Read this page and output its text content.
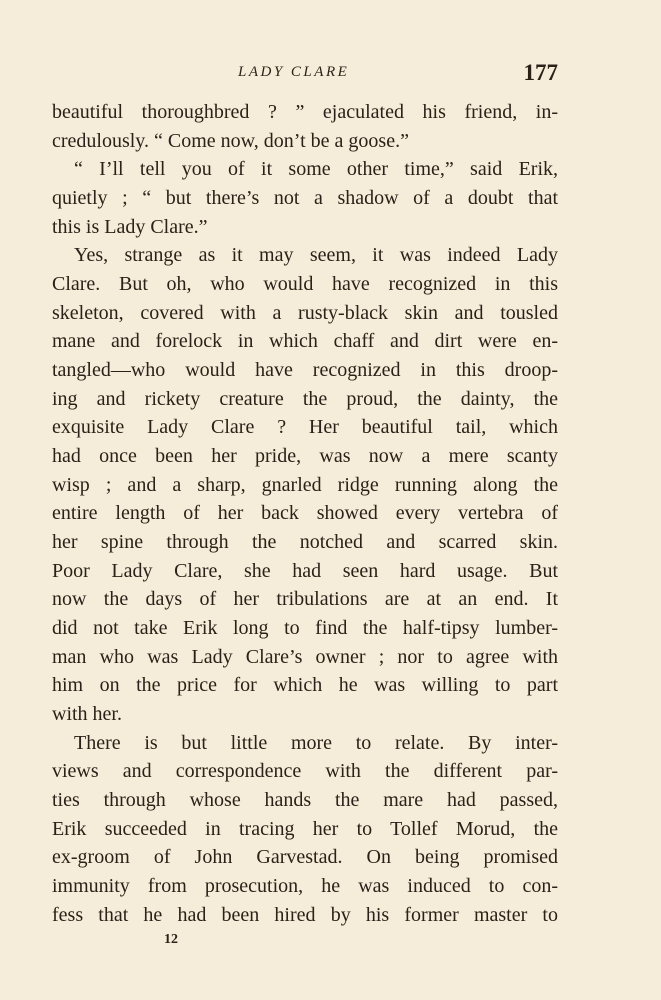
LADY CLARE	177
beautiful thoroughbred ? ” ejaculated his friend, in-
credulously. “ Come now, don’t be a goose.”
“ I’ll tell you of it some other time,” said Erik,
quietly ; “ but there’s not a shadow of a doubt that
this is Lady Clare.”
Yes, strange as it may seem, it was indeed Lady
Clare. But oh, who would have recognized in this
skeleton, covered with a rusty-black skin and tousled
mane and forelock in which chaff and dirt were en-
tangled—who would have recognized in this droop-
ing and rickety creature the proud, the dainty, the
exquisite Lady Clare ? Her beautiful tail, which
had once been her pride, was now a mere scanty
wisp ; and a sharp, gnarled ridge running along the
entire length of her back showed every vertebra of
her spine through the notched and scarred skin.
Poor Lady Clare, she had seen hard usage. But
now the days of her tribulations are at an end. It
did not take Erik long to find the half-tipsy lumber-
man who was Lady Clare’s owner ; nor to agree with
him on the price for which he was willing to part
with her.
There is but little more to relate. By inter-
views and correspondence with the different par-
ties through whose hands the mare had passed,
Erik succeeded in tracing her to Tollef Morud, the
ex-groom of John Garvestad. On being promised
immunity from prosecution, he was induced to con-
fess that he had been hired by his former master to
12
